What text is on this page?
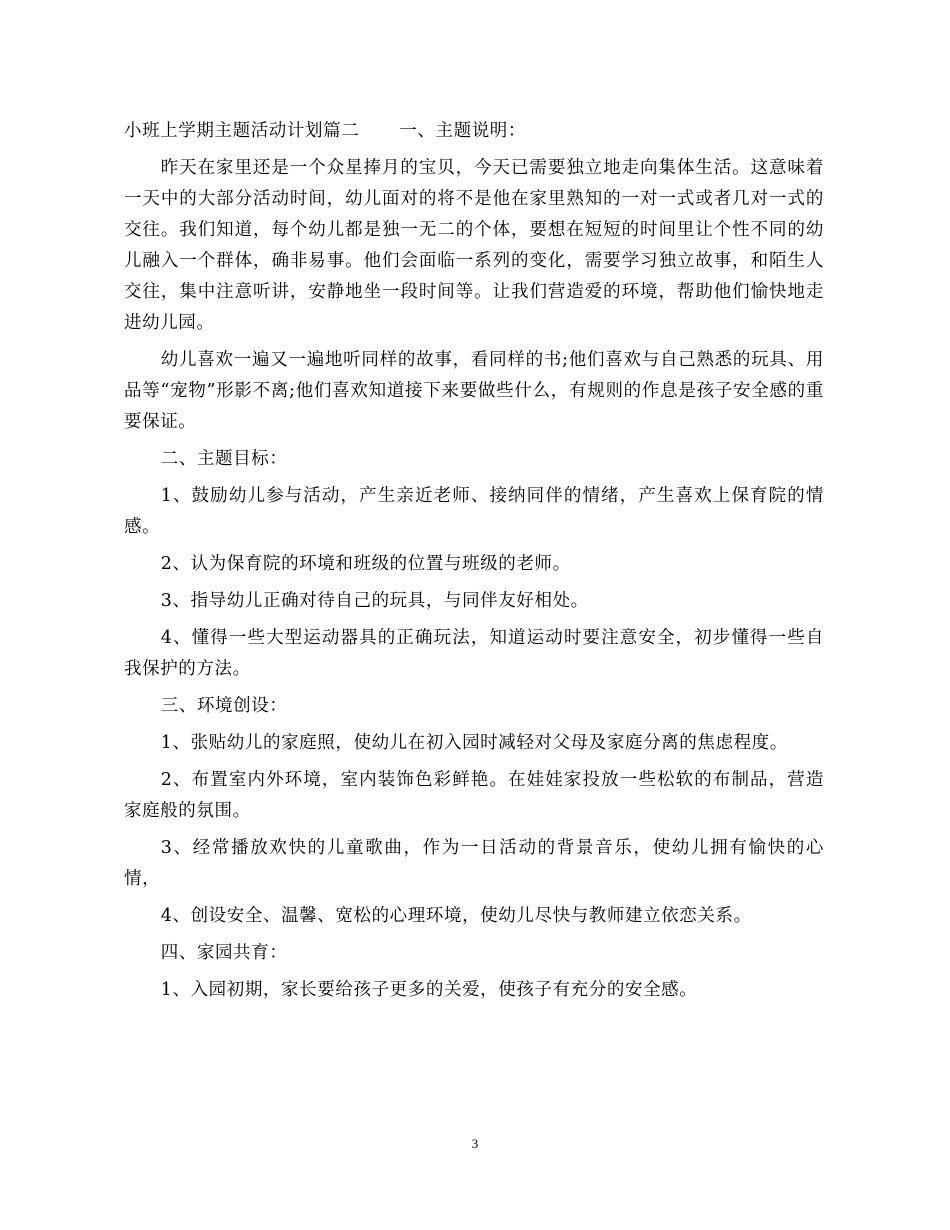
小班上学期主题活动计划篇二 一、主题说明：

昨天在家里还是一个众星捧月的宝贝，今天已需要独立地走向集体生活。这意味着一天中的大部分活动时间，幼儿面对的将不是他在家里熟知的一对一式或者几对一式的交往。我们知道，每个幼儿都是独一无二的个体，要想在短短的时间里让个性不同的幼儿融入一个群体，确非易事。他们会面临一系列的变化，需要学习独立故事，和陌生人交往，集中注意听讲，安静地坐一段时间等。让我们营造爱的环境，帮助他们愉快地走进幼儿园。

幼儿喜欢一遍又一遍地听同样的故事，看同样的书;他们喜欢与自己熟悉的玩具、用品等“宠物”形影不离;他们喜欢知道接下来要做些什么，有规则的作息是孩子安全感的重要保证。

二、主题目标：

1、鼓励幼儿参与活动，产生亲近老师、接纳同伴的情绪，产生喜欢上保育院的情感。

2、认为保育院的环境和班级的位置与班级的老师。

3、指导幼儿正确对待自己的玩具，与同伴友好相处。

4、懂得一些大型运动器具的正确玩法，知道运动时要注意安全，初步懂得一些自我保护的方法。

三、环境创设：

1、张贴幼儿的家庭照，使幼儿在初入园时减轻对父母及家庭分离的焦虑程度。

2、布置室内外环境，室内装饰色彩鲜艳。在娃娃家投放一些松软的布制品，营造家庭般的氛围。

3、经常播放欢快的儿童歌曲，作为一日活动的背景音乐，使幼儿拥有愉快的心情，

4、创设安全、温馨、宽松的心理环境，使幼儿尽快与教师建立依恋关系。

四、家园共育：

1、入园初期，家长要给孩子更多的关爱，使孩子有充分的安全感。

3
